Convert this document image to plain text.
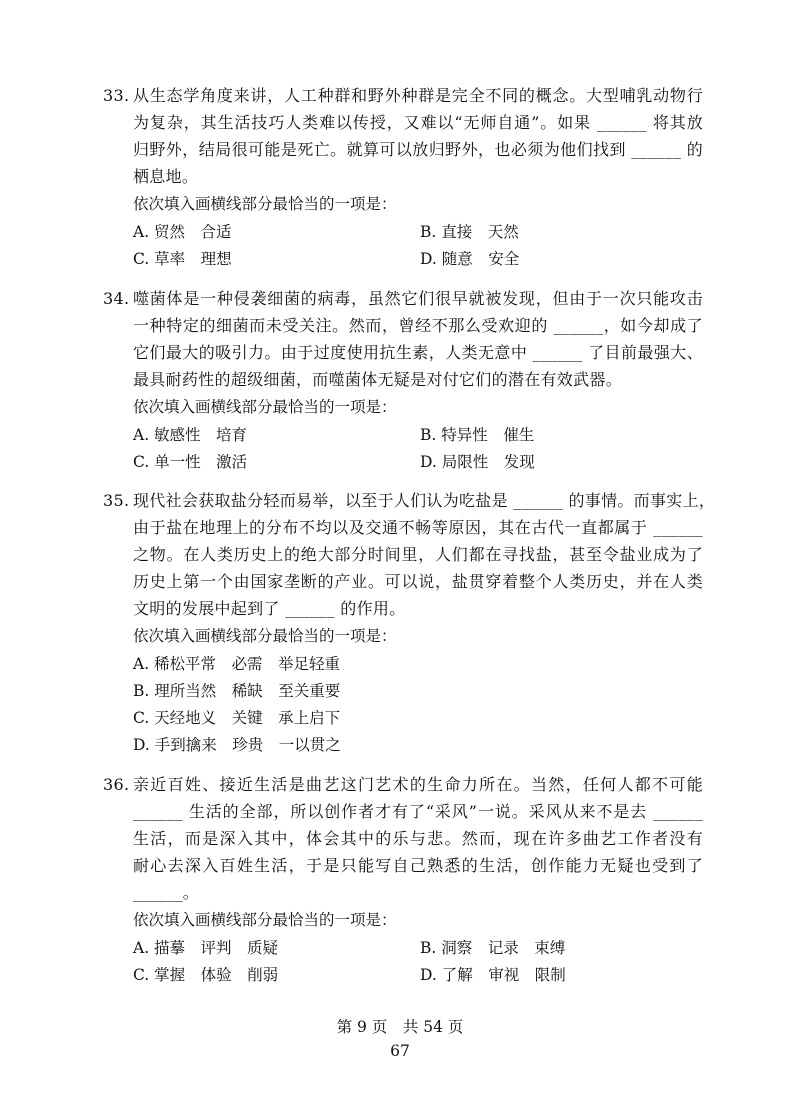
33. 从生态学角度来讲，人工种群和野外种群是完全不同的概念。大型哺乳动物行
为复杂，其生活技巧人类难以传授，又难以“无师自通”。如果 ______ 将其放
归野外，结局很可能是死亡。就算可以放归野外，也必须为他们找到 ______ 的
栖息地。
依次填入画横线部分最恰当的一项是：
A. 贸然　合适	B. 直接　天然
C. 草率　理想	D. 随意　安全
34. 噬菌体是一种侵袭细菌的病毒，虽然它们很早就被发现，但由于一次只能攻击
一种特定的细菌而未受关注。然而，曾经不那么受欢迎的 ______，如今却成了
它们最大的吸引力。由于过度使用抗生素，人类无意中 ______ 了目前最强大、
最具耐药性的超级细菌，而噬菌体无疑是对付它们的潜在有效武器。
依次填入画横线部分最恰当的一项是：
A. 敏感性　培育	B. 特异性　催生
C. 单一性　激活	D. 局限性　发现
35. 现代社会获取盐分轻而易举，以至于人们认为吃盐是 ______ 的事情。而事实上，
由于盐在地理上的分布不均以及交通不畅等原因，其在古代一直都属于 ______
之物。在人类历史上的绝大部分时间里，人们都在寻找盐，甚至令盐业成为了
历史上第一个由国家垄断的产业。可以说，盐贯穿着整个人类历史，并在人类
文明的发展中起到了 ______ 的作用。
依次填入画横线部分最恰当的一项是：
A. 稀松平常　必需　举足轻重
B. 理所当然　稀缺　至关重要
C. 天经地义　关键　承上启下
D. 手到擒来　珍贵　一以贯之
36. 亲近百姓、接近生活是曲艺这门艺术的生命力所在。当然，任何人都不可能
______ 生活的全部，所以创作者才有了“采风”一说。采风从来不是去 ______
生活，而是深入其中，体会其中的乐与悲。然而，现在许多曲艺工作者没有
耐心去深入百姓生活，于是只能写自己熟悉的生活，创作能力无疑也受到了
______。
依次填入画横线部分最恰当的一项是：
A. 描摹　评判　质疑	B. 洞察　记录　束缚
C. 掌握　体验　削弱	D. 了解　审视　限制
第 9 页　共 54 页
67
